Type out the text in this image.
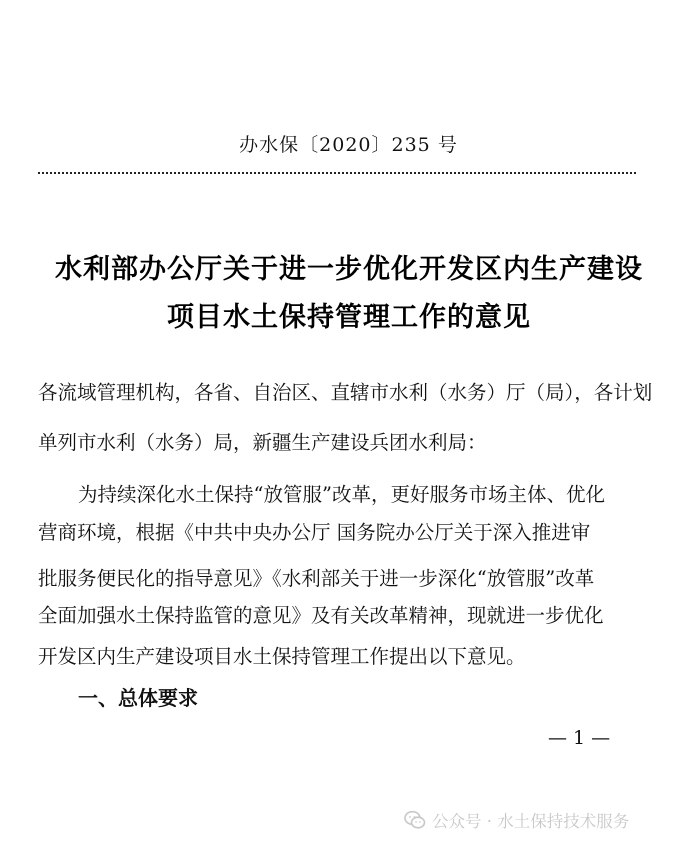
办水保〔2020〕235 号
水利部办公厅关于进一步优化开发区内生产建设
项目水土保持管理工作的意见
各流域管理机构，各省、自治区、直辖市水利（水务）厅（局），各计划
单列市水利（水务）局，新疆生产建设兵团水利局：
为持续深化水土保持“放管服”改革，更好服务市场主体、优化
营商环境，根据《中共中央办公厅 国务院办公厅关于深入推进审
批服务便民化的指导意见》《水利部关于进一步深化“放管服”改革
全面加强水土保持监管的意见》及有关改革精神，现就进一步优化
开发区内生产建设项目水土保持管理工作提出以下意见。
一、总体要求
— 1 —
公众号 · 水土保持技术服务
